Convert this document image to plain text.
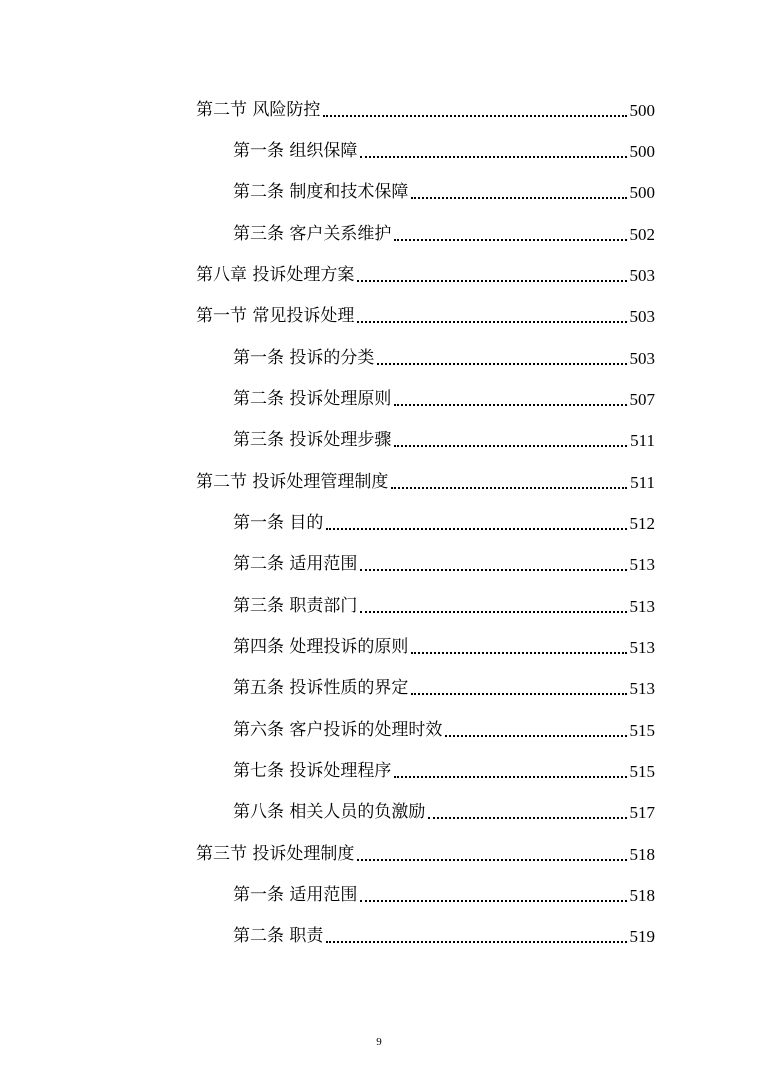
第二节 风险防控	500
第一条 组织保障	500
第二条 制度和技术保障	500
第三条 客户关系维护	502
第八章 投诉处理方案	503
第一节 常见投诉处理	503
第一条 投诉的分类	503
第二条 投诉处理原则	507
第三条 投诉处理步骤	511
第二节 投诉处理管理制度	511
第一条 目的	512
第二条 适用范围	513
第三条 职责部门	513
第四条 处理投诉的原则	513
第五条 投诉性质的界定	513
第六条 客户投诉的处理时效	515
第七条 投诉处理程序	515
第八条 相关人员的负激励	517
第三节 投诉处理制度	518
第一条 适用范围	518
第二条 职责	519
9
